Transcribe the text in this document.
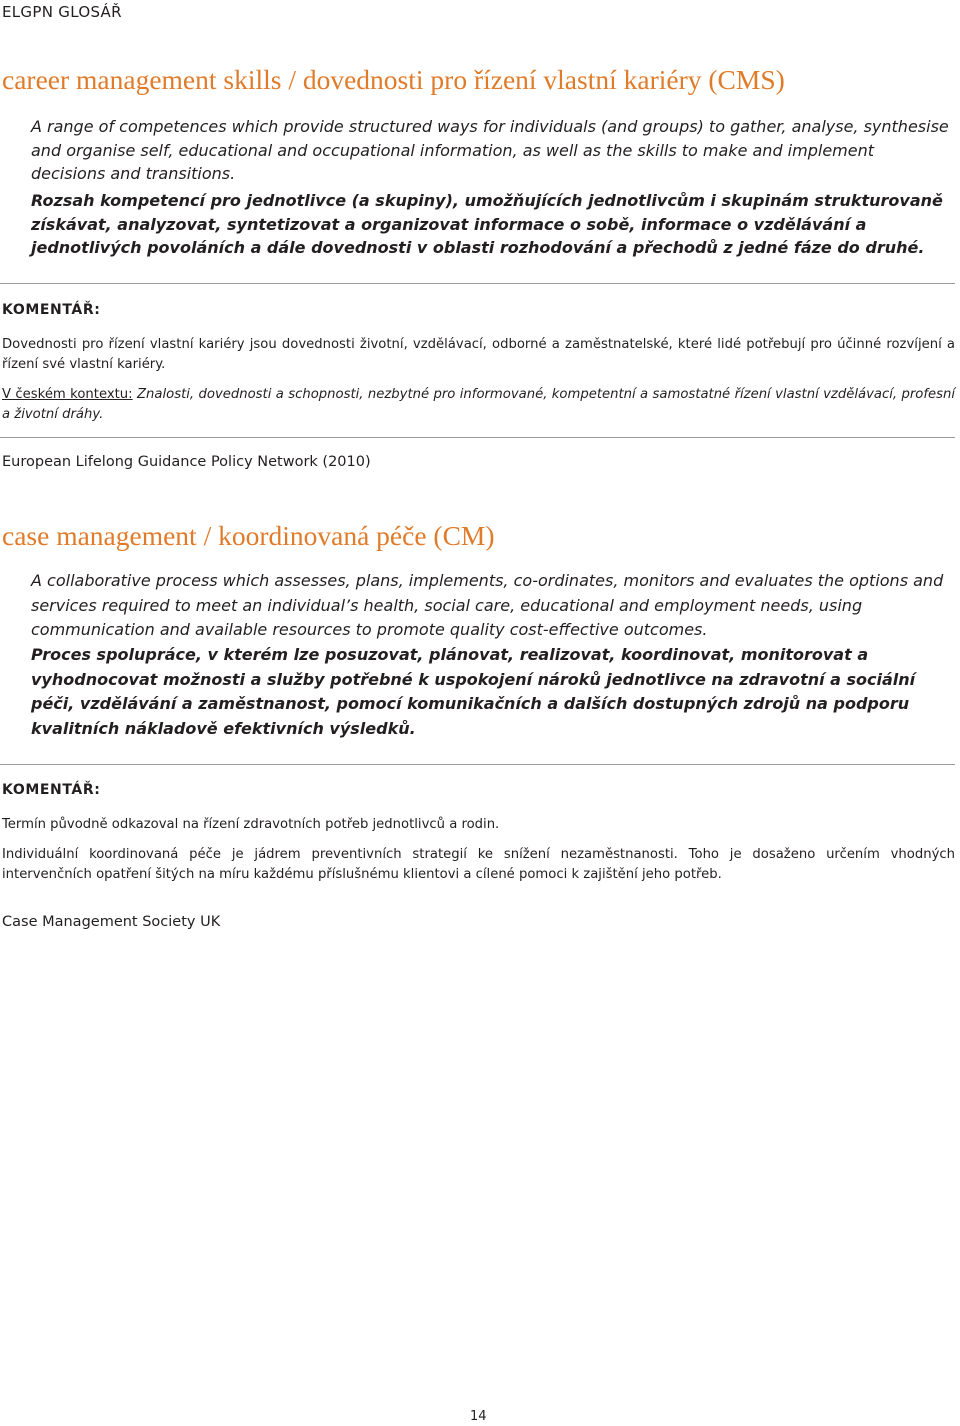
ELGPN GLOSÁŘ
career management skills / dovednosti pro řízení vlastní kariéry (CMS)
A range of competences which provide structured ways for individuals (and groups) to gather, analyse, synthesise and organise self, educational and occupational information, as well as the skills to make and implement decisions and transitions.
Rozsah kompetencí pro jednotlivce (a skupiny), umožňujících jednotlivcům i skupinám strukturovaně získávat, analyzovat, syntetizovat a organizovat informace o sobě, informace o vzdělávání a jednotlivých povoláních a dále dovednosti v oblasti rozhodování a přechodů z jedné fáze do druhé.
KOMENTÁŘ:
Dovednosti pro řízení vlastní kariéry jsou dovednosti životní, vzdělávací, odborné a zaměstnatelské, které lidé potřebují pro účinné rozvíjení a řízení své vlastní kariéry.
V českém kontextu: Znalosti, dovednosti a schopnosti, nezbytné pro informované, kompetentní a samostatné řízení vlastní vzdělávací, profesní a životní dráhy.
European Lifelong Guidance Policy Network (2010)
case management / koordinovaná péče (CM)
A collaborative process which assesses, plans, implements, co-ordinates, monitors and evaluates the options and services required to meet an individual’s health, social care, educational and employment needs, using communication and available resources to promote quality cost-effective outcomes.
Proces spolupráce, v kterém lze posuzovat, plánovat, realizovat, koordinovat, monitorovat a vyhodnocovat možnosti a služby potřebné k uspokojení nároků jednotlivce na zdravotní a sociální péči, vzdělávání a zaměstnanost, pomocí komunikačních a dalších dostupných zdrojů na podporu kvalitních nákladově efektivních výsledků.
KOMENTÁŘ:
Termín původně odkazoval na řízení zdravotních potřeb jednotlivců a rodin.
Individuální koordinovaná péče je jádrem preventivních strategií ke snížení nezaměstnanosti. Toho je dosaženo určením vhodných intervenčních opatření šitých na míru každému příslušnému klientovi a cílené pomoci k zajištění jeho potřeb.
Case Management Society UK
14
